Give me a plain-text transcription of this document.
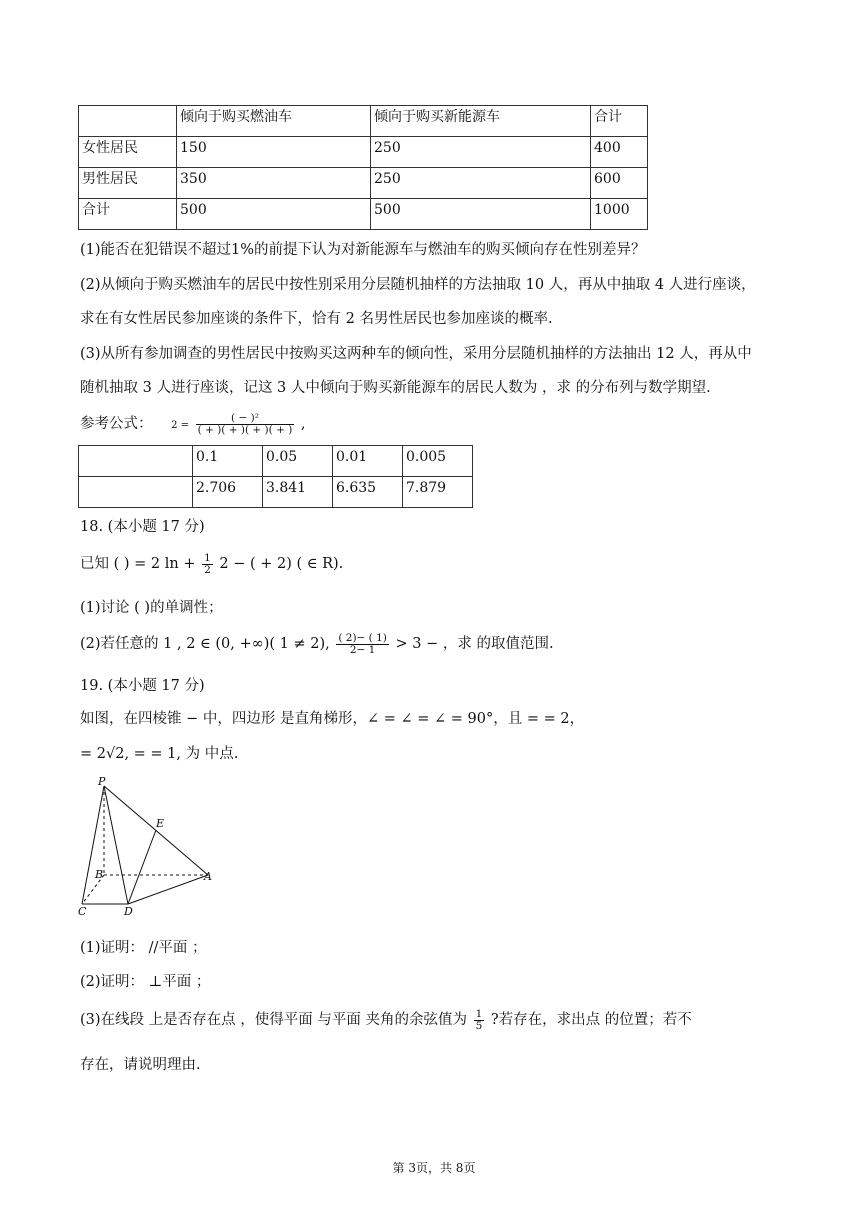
	倾向于购买燃油车	倾向于购买新能源车	合计
女性居民	150	250	400
男性居民	350	250	600
合计	500	500	1000
(1)能否在犯错误不超过1%的前提下认为对新能源车与燃油车的购买倾向存在性别差异？
(2)从倾向于购买燃油车的居民中按性别采用分层随机抽样的方法抽取 10 人，再从中抽取 4 人进行座谈，
求在有女性居民参加座谈的条件下，恰有 2 名男性居民也参加座谈的概率.
(3)从所有参加调查的男性居民中按购买这两种车的倾向性，采用分层随机抽样的方法抽出 12 人，再从中
随机抽取 3 人进行座谈，记这 3 人中倾向于购买新能源车的居民人数为 ，求 的分布列与数学期望.
参考公式： $2 = \frac{\text{( − )²}}{( + )( + )( + )( + )}$ ,
	0.1	0.05	0.01	0.005
	2.706	3.841	6.635	7.879
18. (本小题 17 分)
已知 ( ) = 2 $\ln + \frac{1}{2} 2$ − ( + 2) ( ∈ R).
(1)讨论 ( )的单调性；
(2)若任意的 1 , 2 ∈ (0, +∞)( 1 ≠ 2), $\frac{( 2)- ( 1)}{2- 1} > 3$ − ，求 的取值范围.
19. (本小题 17 分)
如图，在四棱锥 − 中，四边形 是直角梯形，∠ = ∠ = ∠ = 90°，且 = = 2，
= 2√2, = = 1, 为 中点.
P
E
B	A
C	D
(1)证明： //平面 ；
(2)证明： ⊥平面 ；
(3)在线段 上是否存在点 ，使得平面 与平面 夹角的余弦值为 $\frac{1}{5}$ ?若存在，求出点 的位置；若不
存在，请说明理由.
第 3页，共 8页
